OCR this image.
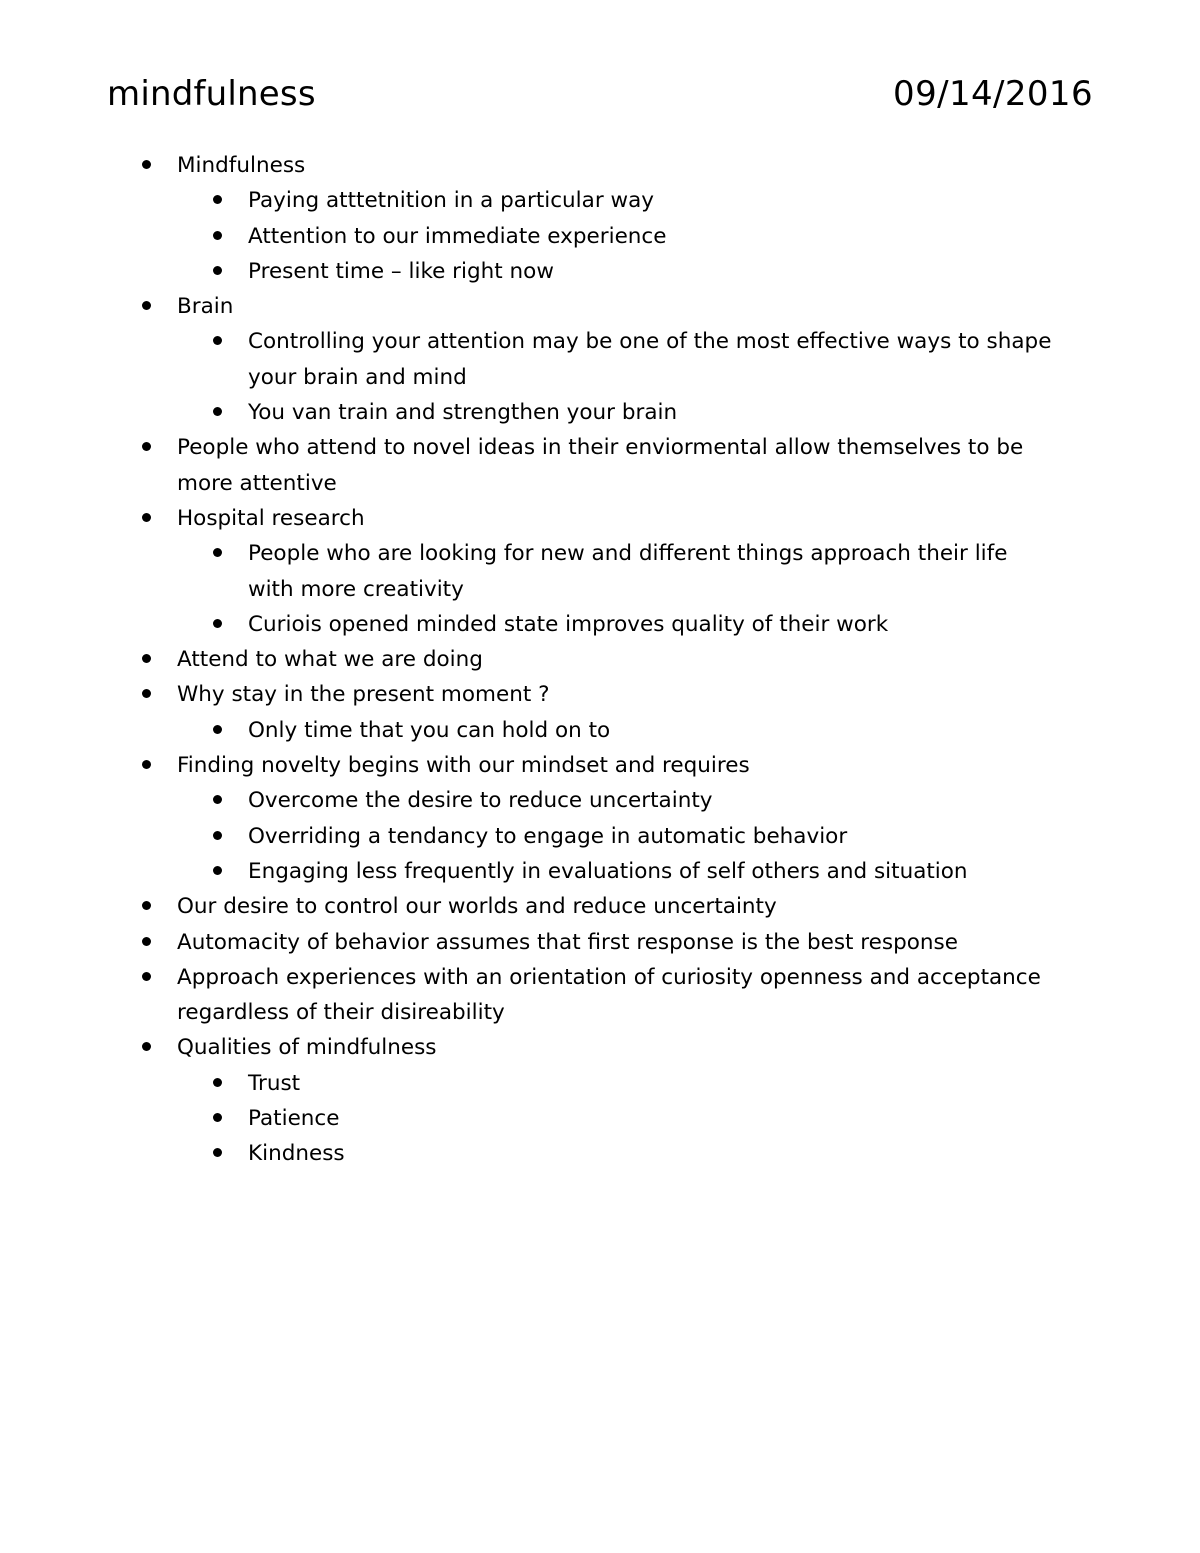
mindfulness	09/14/2016
Mindfulness
Paying atttetnition in a particular way
Attention to our immediate experience
Present time – like right now
Brain
Controlling your attention may be one of the most effective ways to shape your brain and mind
You van train and strengthen your brain
People who attend to novel ideas in their enviormental allow themselves to be more attentive
Hospital research
People who are looking for new and different things approach their life with more creativity
Curiois opened minded state improves quality of their work
Attend to what we are doing
Why stay in the present moment ?
Only time that you can hold on to
Finding novelty begins with our mindset and requires
Overcome the desire to reduce uncertainty
Overriding a tendancy to engage in automatic behavior
Engaging less frequently in evaluations of self others and situation
Our desire to control our worlds and reduce uncertainty
Automacity of behavior assumes that first response is the best response
Approach experiences with an orientation of curiosity openness and acceptance regardless of their disireability
Qualities of mindfulness
Trust
Patience
Kindness
